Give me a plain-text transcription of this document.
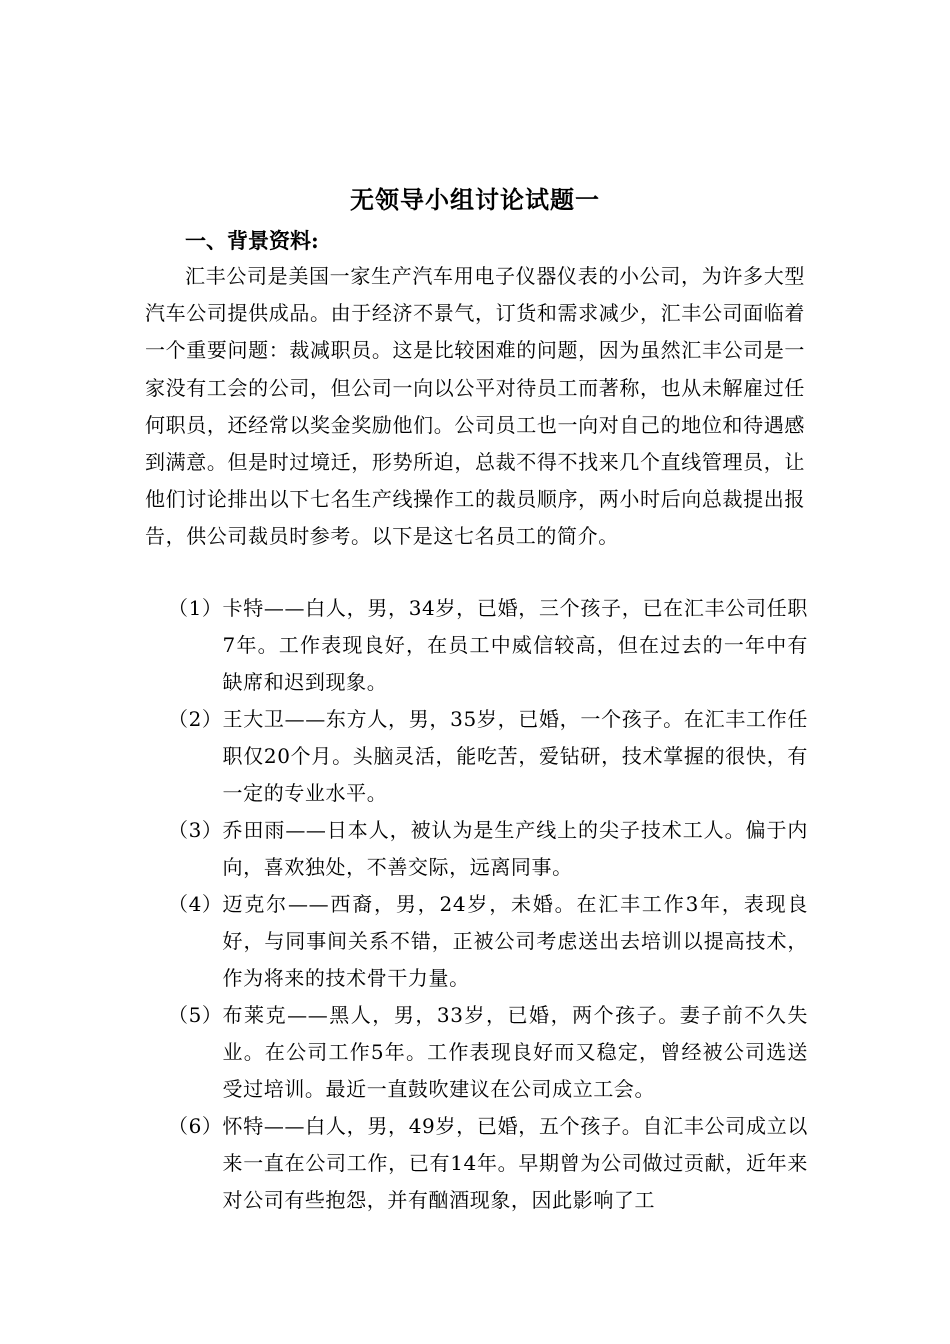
无领导小组讨论试题一
一、背景资料:
汇丰公司是美国一家生产汽车用电子仪器仪表的小公司，为许多大型汽车公司提供成品。由于经济不景气，订货和需求减少，汇丰公司面临着一个重要问题：裁减职员。这是比较困难的问题，因为虽然汇丰公司是一家没有工会的公司，但公司一向以公平对待员工而著称，也从未解雇过任何职员，还经常以奖金奖励他们。公司员工也一向对自己的地位和待遇感到满意。但是时过境迁，形势所迫，总裁不得不找来几个直线管理员，让他们讨论排出以下七名生产线操作工的裁员顺序，两小时后向总裁提出报告，供公司裁员时参考。以下是这七名员工的简介。
（1） 卡特——白人，男，34岁，已婚，三个孩子，已在汇丰公司任职7年。工作表现良好，在员工中威信较高，但在过去的一年中有缺席和迟到现象。
（2） 王大卫——东方人，男，35岁，已婚，一个孩子。在汇丰工作任职仅20个月。头脑灵活，能吃苦，爱钻研，技术掌握的很快，有一定的专业水平。
（3） 乔田雨——日本人，被认为是生产线上的尖子技术工人。偏于内向，喜欢独处，不善交际，远离同事。
（4） 迈克尔——西裔，男，24岁，未婚。在汇丰工作3年，表现良好，与同事间关系不错，正被公司考虑送出去培训以提高技术，作为将来的技术骨干力量。
（5） 布莱克——黑人，男，33岁，已婚，两个孩子。妻子前不久失业。在公司工作5年。工作表现良好而又稳定，曾经被公司选送受过培训。最近一直鼓吹建议在公司成立工会。
（6） 怀特——白人，男，49岁，已婚，五个孩子。自汇丰公司成立以来一直在公司工作，已有14年。早期曾为公司做过贡献，近年来对公司有些抱怨，并有酗酒现象，因此影响了工
